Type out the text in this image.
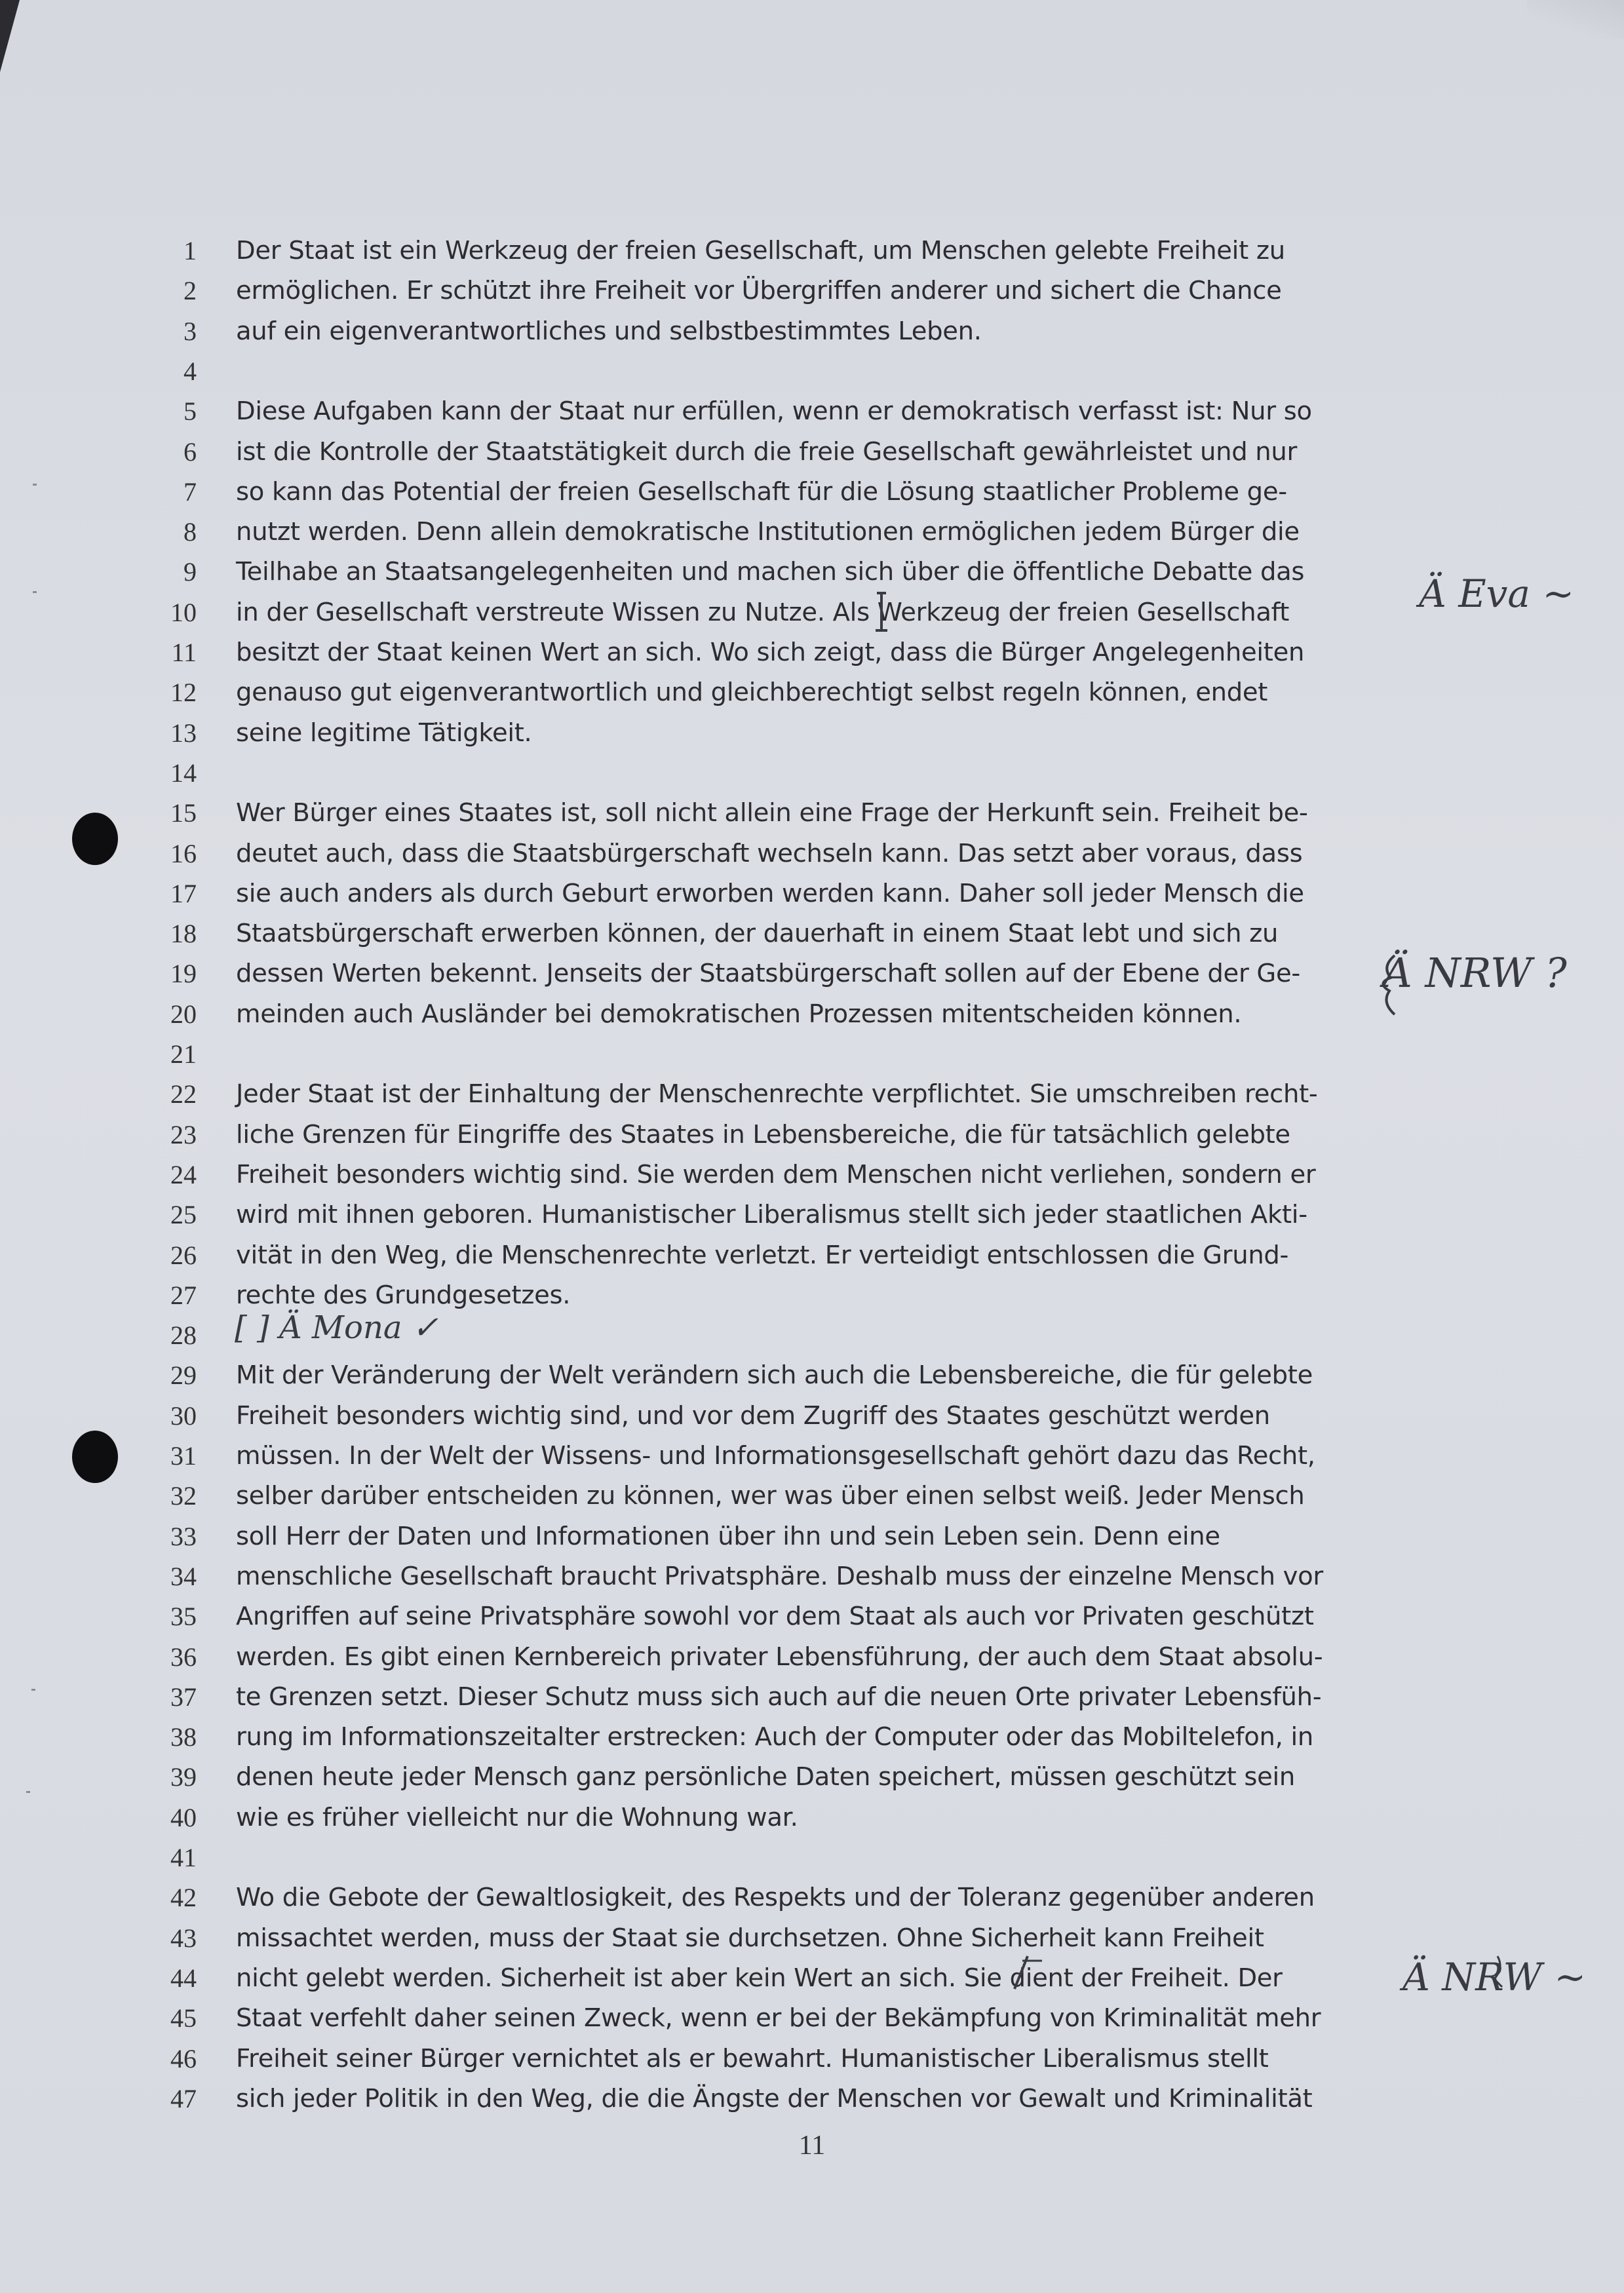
1 Der Staat ist ein Werkzeug der freien Gesellschaft, um Menschen gelebte Freiheit zu
2 ermöglichen. Er schützt ihre Freiheit vor Übergriffen anderer und sichert die Chance
3 auf ein eigenverantwortliches und selbstbestimmtes Leben.
4
5 Diese Aufgaben kann der Staat nur erfüllen, wenn er demokratisch verfasst ist: Nur so
6 ist die Kontrolle der Staatstätigkeit durch die freie Gesellschaft gewährleistet und nur
7 so kann das Potential der freien Gesellschaft für die Lösung staatlicher Probleme ge-
8 nutzt werden. Denn allein demokratische Institutionen ermöglichen jedem Bürger die
9 Teilhabe an Staatsangelegenheiten und machen sich über die öffentliche Debatte das
10 in der Gesellschaft verstreute Wissen zu Nutze. Als Werkzeug der freien Gesellschaft
11 besitzt der Staat keinen Wert an sich. Wo sich zeigt, dass die Bürger Angelegenheiten
12 genauso gut eigenverantwortlich und gleichberechtigt selbst regeln können, endet
13 seine legitime Tätigkeit.
14
15 Wer Bürger eines Staates ist, soll nicht allein eine Frage der Herkunft sein. Freiheit be-
16 deutet auch, dass die Staatsbürgerschaft wechseln kann. Das setzt aber voraus, dass
17 sie auch anders als durch Geburt erworben werden kann. Daher soll jeder Mensch die
18 Staatsbürgerschaft erwerben können, der dauerhaft in einem Staat lebt und sich zu
19 dessen Werten bekennt. Jenseits der Staatsbürgerschaft sollen auf der Ebene der Ge-
20 meinden auch Ausländer bei demokratischen Prozessen mitentscheiden können.
21
22 Jeder Staat ist der Einhaltung der Menschenrechte verpflichtet. Sie umschreiben recht-
23 liche Grenzen für Eingriffe des Staates in Lebensbereiche, die für tatsächlich gelebte
24 Freiheit besonders wichtig sind. Sie werden dem Menschen nicht verliehen, sondern er
25 wird mit ihnen geboren. Humanistischer Liberalismus stellt sich jeder staatlichen Akti-
26 vität in den Weg, die Menschenrechte verletzt. Er verteidigt entschlossen die Grund-
27 rechte des Grundgesetzes.
28
29 Mit der Veränderung der Welt verändern sich auch die Lebensbereiche, die für gelebte
30 Freiheit besonders wichtig sind, und vor dem Zugriff des Staates geschützt werden
31 müssen. In der Welt der Wissens- und Informationsgesellschaft gehört dazu das Recht,
32 selber darüber entscheiden zu können, wer was über einen selbst weiß. Jeder Mensch
33 soll Herr der Daten und Informationen über ihn und sein Leben sein. Denn eine
34 menschliche Gesellschaft braucht Privatsphäre. Deshalb muss der einzelne Mensch vor
35 Angriffen auf seine Privatsphäre sowohl vor dem Staat als auch vor Privaten geschützt
36 werden. Es gibt einen Kernbereich privater Lebensführung, der auch dem Staat absolu-
37 te Grenzen setzt. Dieser Schutz muss sich auch auf die neuen Orte privater Lebensfüh-
38 rung im Informationszeitalter erstrecken: Auch der Computer oder das Mobiltelefon, in
39 denen heute jeder Mensch ganz persönliche Daten speichert, müssen geschützt sein
40 wie es früher vielleicht nur die Wohnung war.
41
42 Wo die Gebote der Gewaltlosigkeit, des Respekts und der Toleranz gegenüber anderen
43 missachtet werden, muss der Staat sie durchsetzen. Ohne Sicherheit kann Freiheit
44 nicht gelebt werden. Sicherheit ist aber kein Wert an sich. Sie dient der Freiheit. Der
45 Staat verfehlt daher seinen Zweck, wenn er bei der Bekämpfung von Kriminalität mehr
46 Freiheit seiner Bürger vernichtet als er bewahrt. Humanistischer Liberalismus stellt
47 sich jeder Politik in den Weg, die die Ängste der Menschen vor Gewalt und Kriminalität
Ä Eva ~
Ä NRW ?
[ ] Ä Mona ✓
Ä NRW ~
11
